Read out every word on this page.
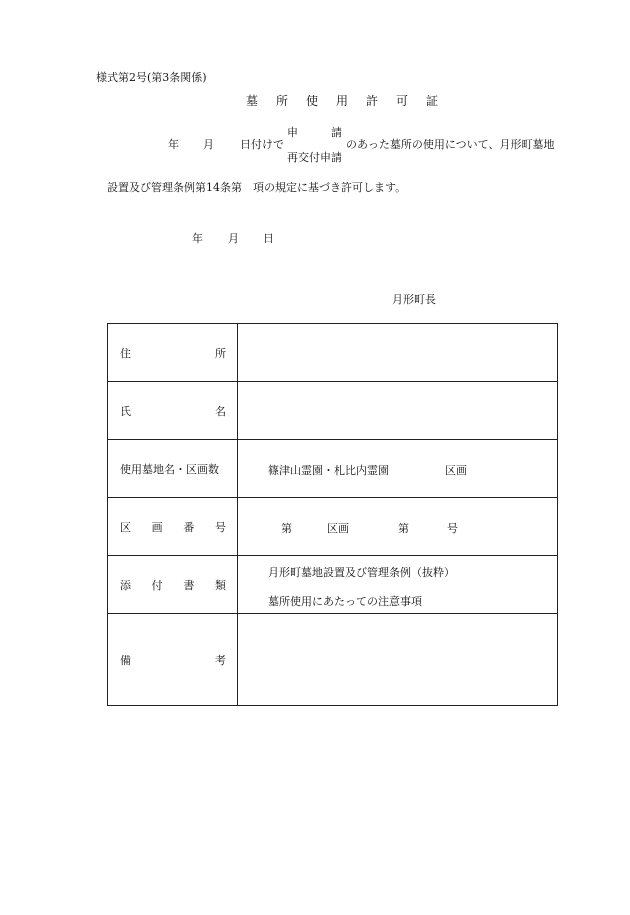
様式第2号(第3条関係)
墓 所 使 用 許 可 証
申　　　請
年 月 日付けで	のあった墓所の使用について、月形町墓地
再交付申請
設置及び管理条例第14条第　項の規定に基づき許可します。
年 月 日
月形町長
住 所	

氏 名	

使用墓地名・区画数	篠津山霊園・札比内霊園 区画

区 画 番 号	第 区画 第 号

添 付 書 類	月形町墓地設置及び管理条例（抜粋）
墓所使用にあたっての注意事項

備 考	
